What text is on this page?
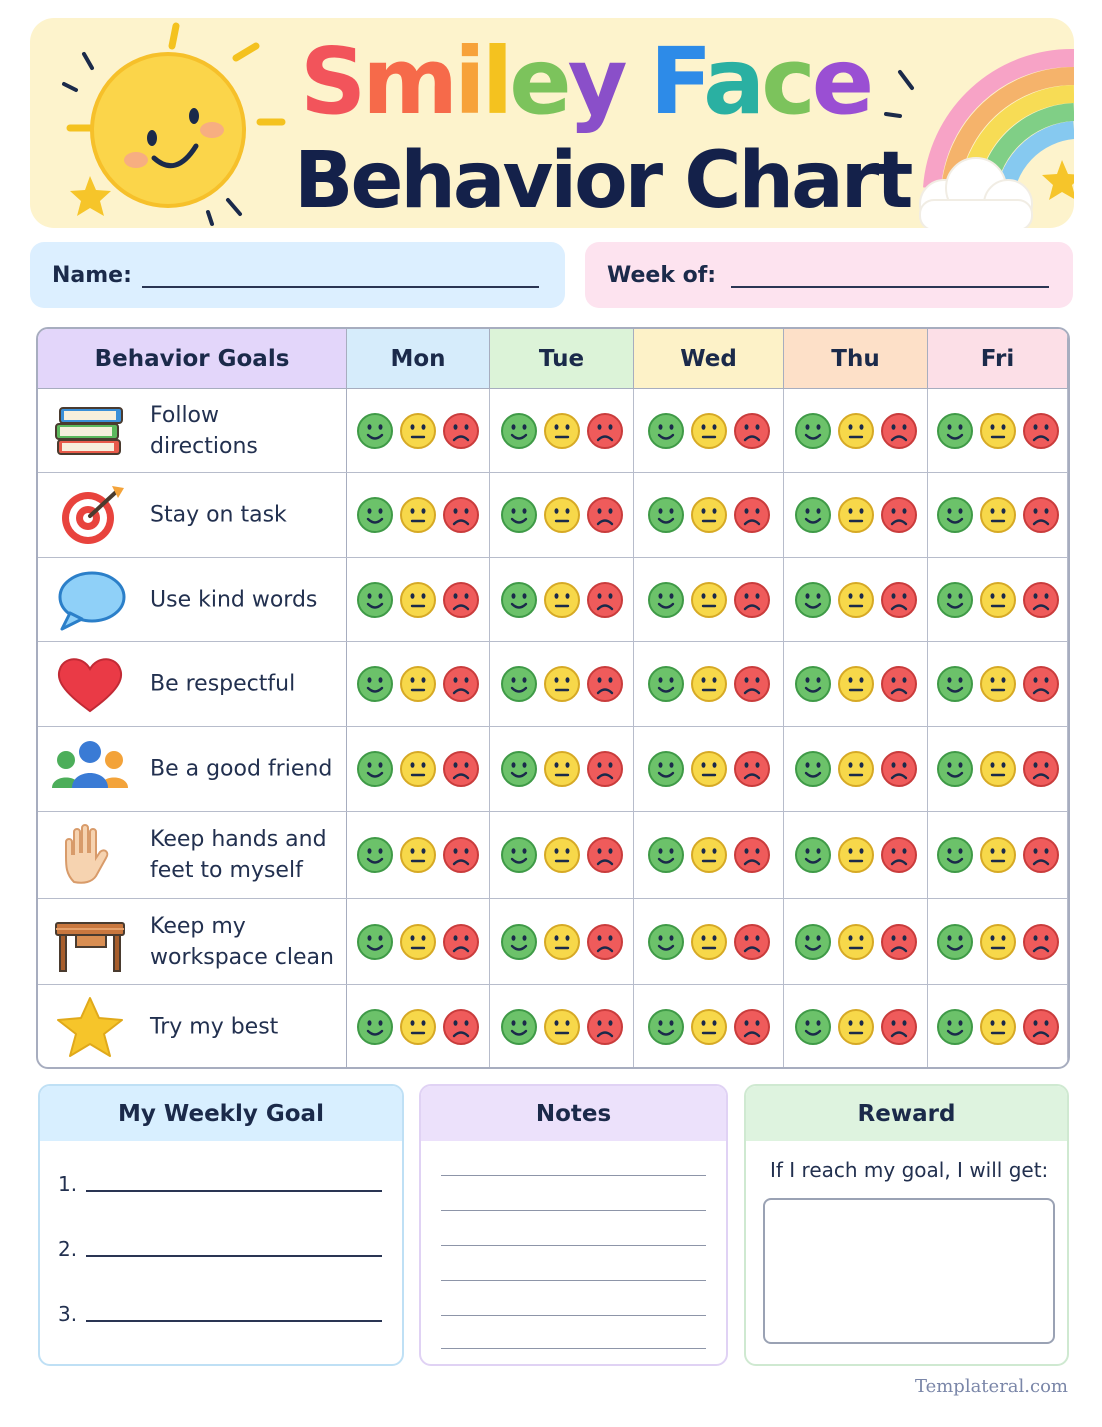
Smiley Face
Behavior Chart
Name:	Week of:
Behavior Goals	Mon	Tue	Wed	Thu	Fri
Follow
directions
Stay on task
Use kind words
Be respectful
Be a good friend
Keep hands and
feet to myself
Keep my
workspace clean
Try my best
My Weekly Goal
1.
2.
3.
Notes	Reward
If I reach my goal, I will get:
Templateral.com
